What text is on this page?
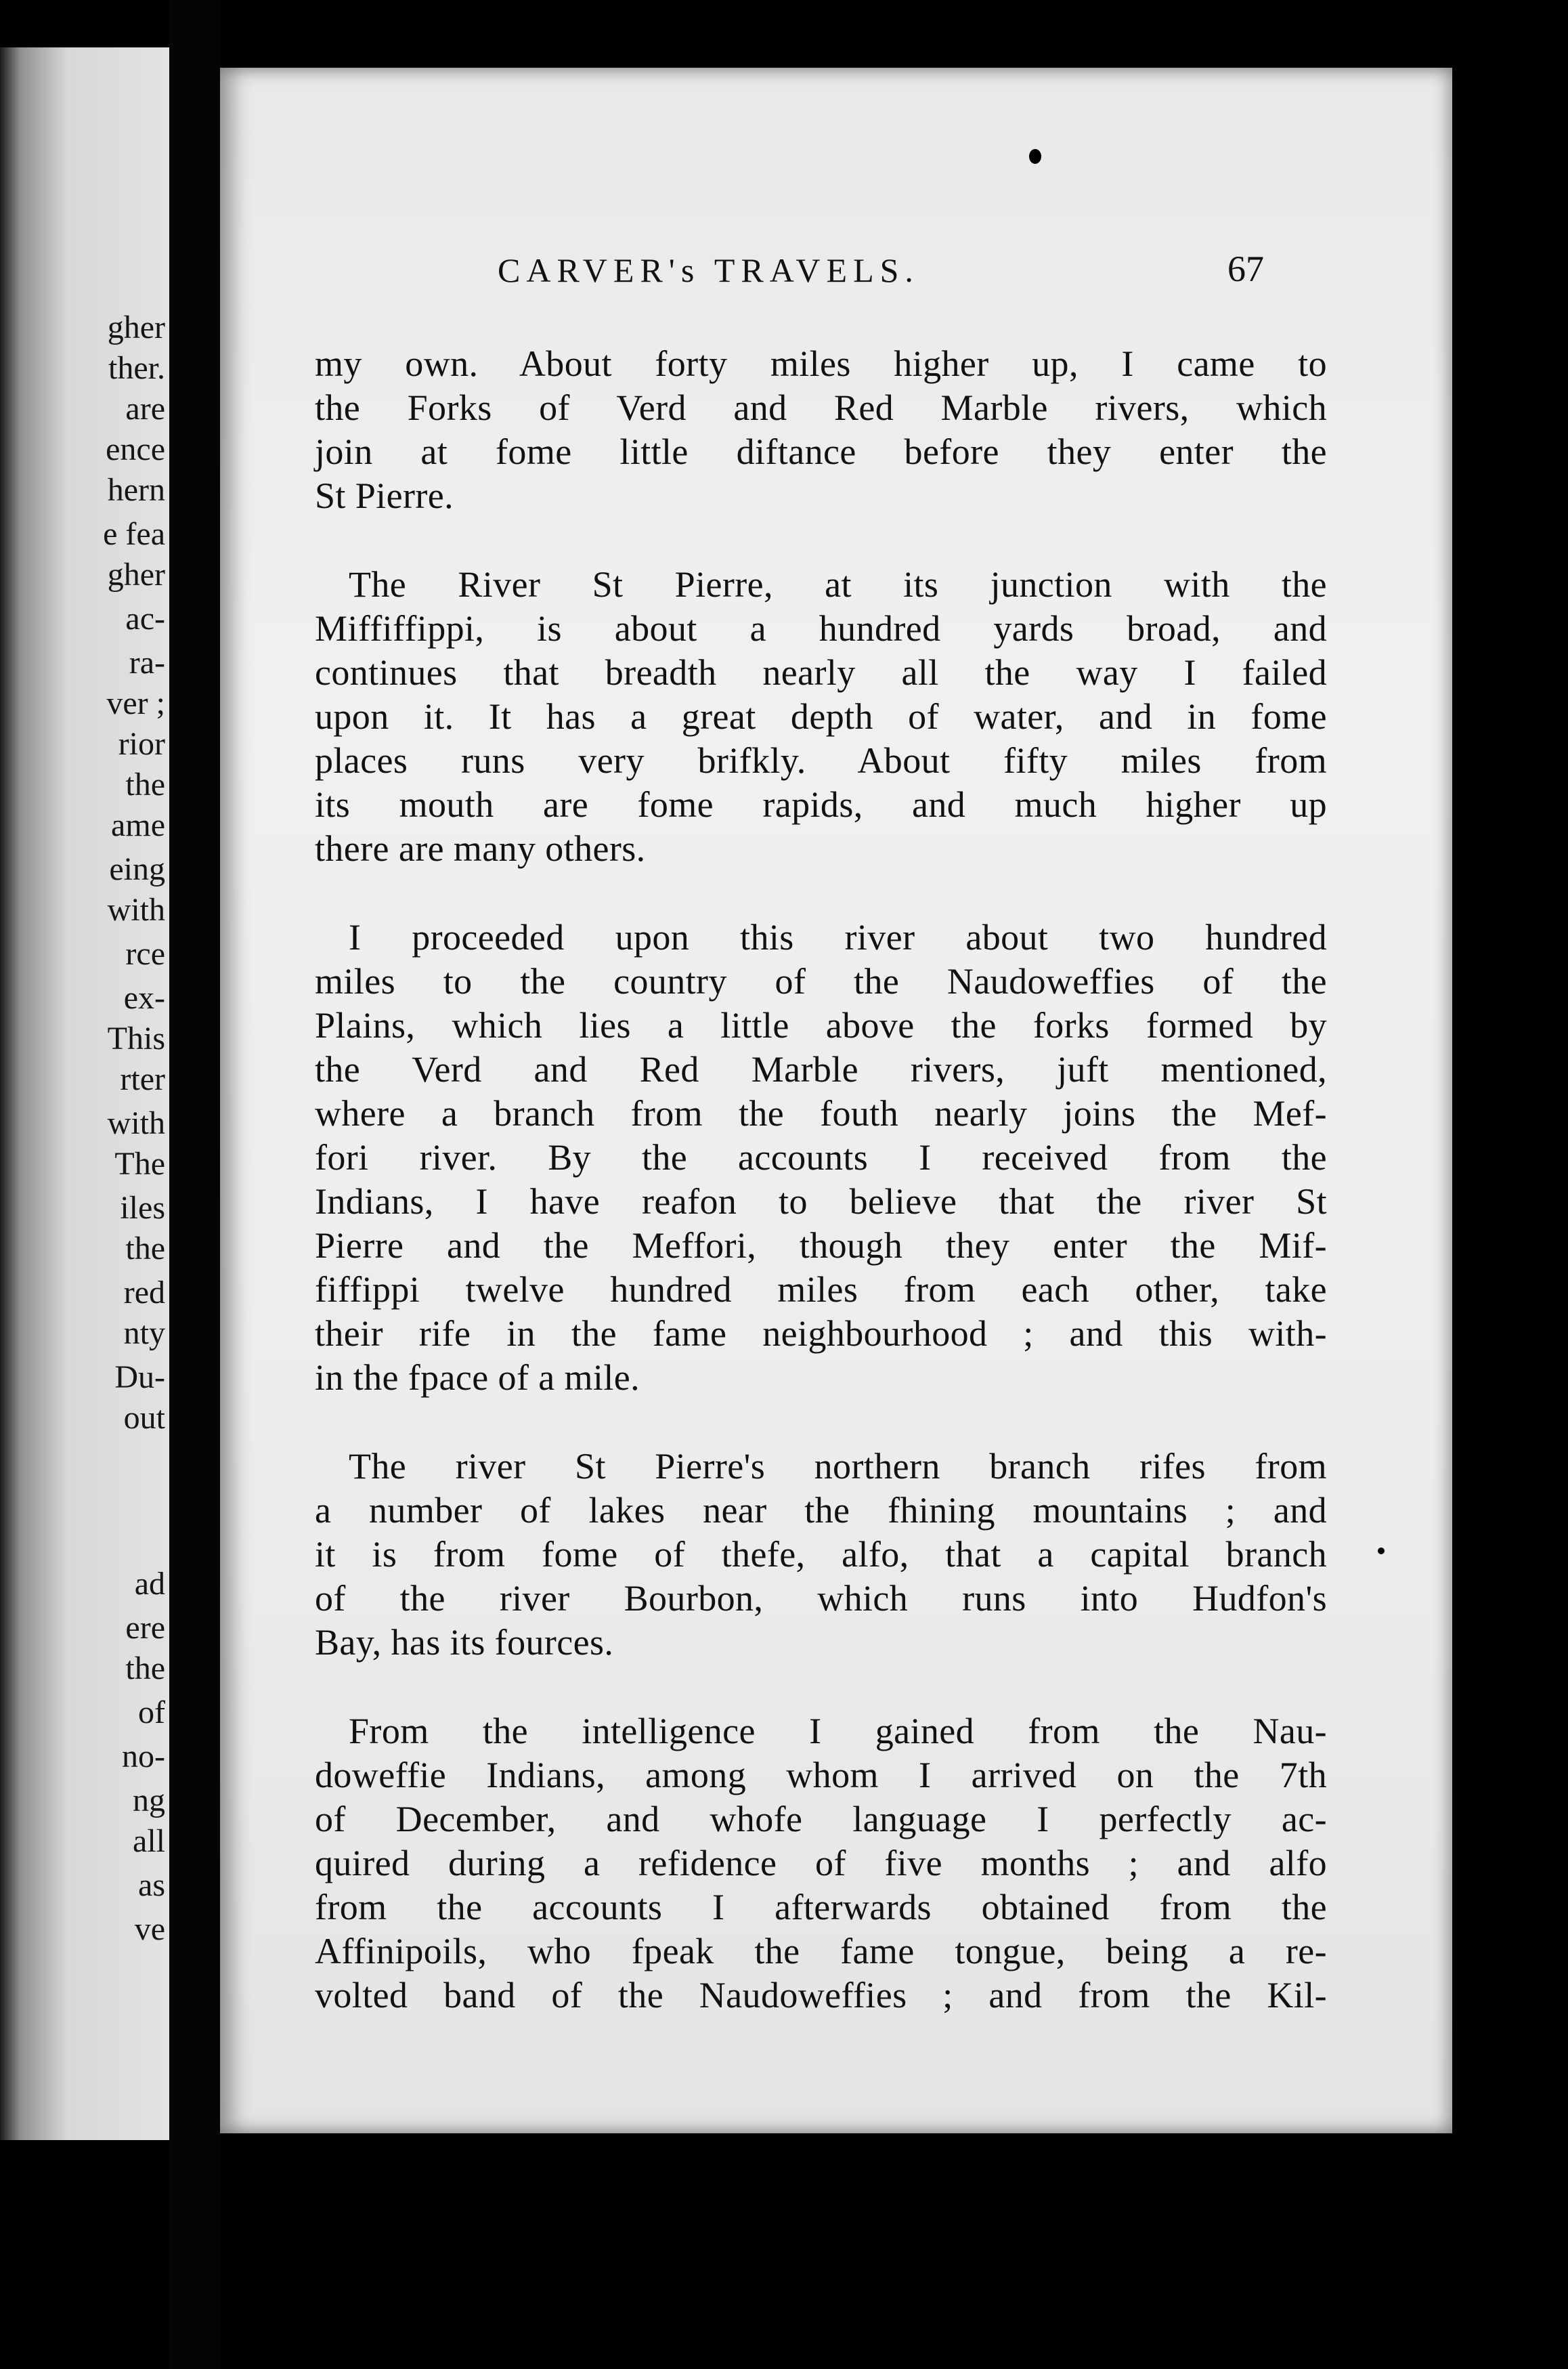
gher

ther.

are

ence

hern

e fea

gher

ac-

ra-

ver ;

rior

the

ame

eing

with

rce

ex-

This

rter

with

The

iles

the

red

nty

Du-

out

ad

ere

the

of

no-

ng

all

as

ve

CARVER's TRAVELS.	67
my own. About forty miles higher up, I came to
the Forks of Verd and Red Marble rivers, which
join at fome little diftance before they enter the
St Pierre.
The River St Pierre, at its junction with the
Miffiffippi, is about a hundred yards broad, and
continues that breadth nearly all the way I failed
upon it. It has a great depth of water, and in fome
places runs very brifkly. About fifty miles from
its mouth are fome rapids, and much higher up
there are many others.
I proceeded upon this river about two hundred
miles to the country of the Naudoweffies of the
Plains, which lies a little above the forks formed by
the Verd and Red Marble rivers, juft mentioned,
where a branch from the fouth nearly joins the Mef-
fori river. By the accounts I received from the
Indians, I have reafon to believe that the river St
Pierre and the Meffori, though they enter the Mif-
fiffippi twelve hundred miles from each other, take
their rife in the fame neighbourhood ; and this with-
in the fpace of a mile.
The river St Pierre's northern branch rifes from
a number of lakes near the fhining mountains ; and
it is from fome of thefe, alfo, that a capital branch
of the river Bourbon, which runs into Hudfon's
Bay, has its fources.
From the intelligence I gained from the Nau-
doweffie Indians, among whom I arrived on the 7th
of December, and whofe language I perfectly ac-
quired during a refidence of five months ; and alfo
from the accounts I afterwards obtained from the
Affinipoils, who fpeak the fame tongue, being a re-
volted band of the Naudoweffies ; and from the Kil-
